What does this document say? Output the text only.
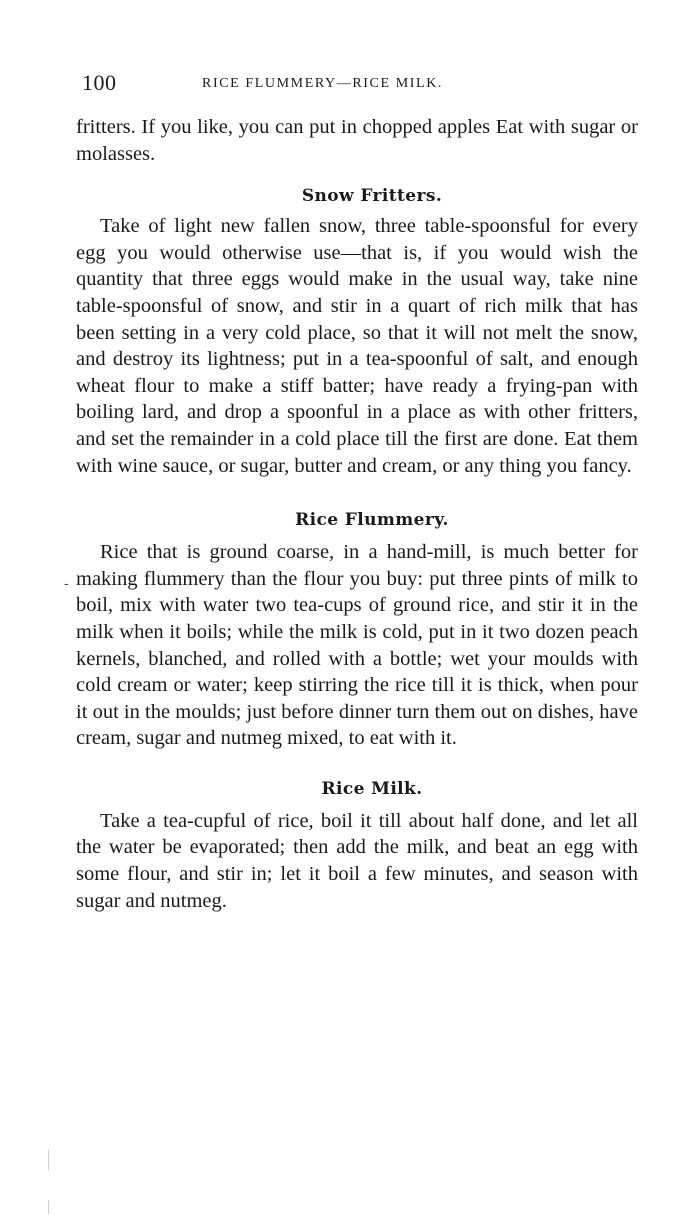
100	RICE FLUMMERY—RICE MILK.

fritters. If you like, you can put in chopped apples Eat with sugar or molasses.

Snow Fritters.

Take of light new fallen snow, three table-spoonsful for every egg you would otherwise use—that is, if you would wish the quantity that three eggs would make in the usual way, take nine table-spoonsful of snow, and stir in a quart of rich milk that has been setting in a very cold place, so that it will not melt the snow, and destroy its lightness; put in a tea-spoonful of salt, and enough wheat flour to make a stiff batter; have ready a frying-pan with boiling lard, and drop a spoonful in a place as with other fritters, and set the remainder in a cold place till the first are done. Eat them with wine sauce, or sugar, butter and cream, or any thing you fancy.

Rice Flummery.

Rice that is ground coarse, in a hand-mill, is much better for making flummery than the flour you buy: put three pints of milk to boil, mix with water two tea-cups of ground rice, and stir it in the milk when it boils; while the milk is cold, put in it two dozen peach kernels, blanched, and rolled with a bottle; wet your moulds with cold cream or water; keep stirring the rice till it is thick, when pour it out in the moulds; just before dinner turn them out on dishes, have cream, sugar and nutmeg mixed, to eat with it.

Rice Milk.

Take a tea-cupful of rice, boil it till about half done, and let all the water be evaporated; then add the milk, and beat an egg with some flour, and stir in; let it boil a few minutes, and season with sugar and nutmeg.

-
